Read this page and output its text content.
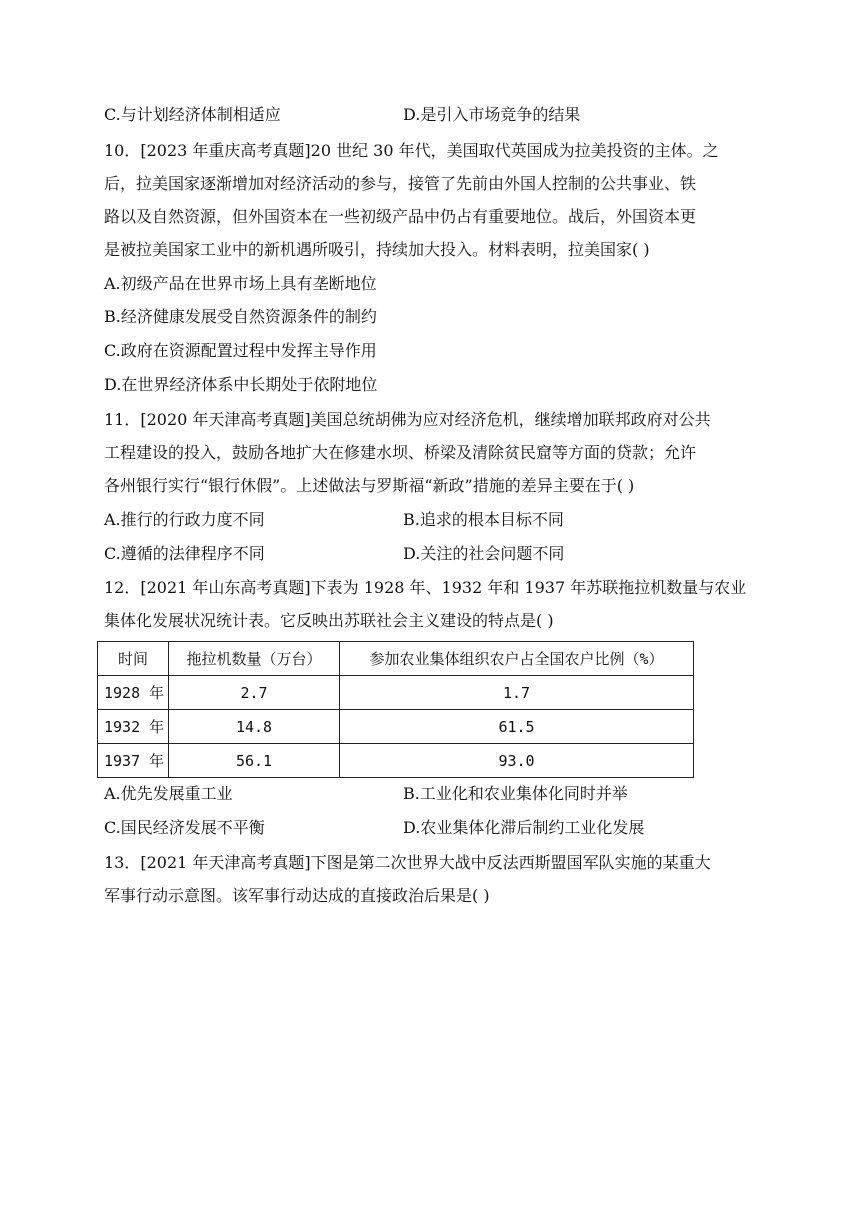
C.与计划经济体制相适应	D.是引入市场竞争的结果
10．[2023 年重庆高考真题]20 世纪 30 年代，美国取代英国成为拉美投资的主体。之
后，拉美国家逐渐增加对经济活动的参与，接管了先前由外国人控制的公共事业、铁
路以及自然资源，但外国资本在一些初级产品中仍占有重要地位。战后，外国资本更
是被拉美国家工业中的新机遇所吸引，持续加大投入。材料表明，拉美国家( )
A.初级产品在世界市场上具有垄断地位
B.经济健康发展受自然资源条件的制约
C.政府在资源配置过程中发挥主导作用
D.在世界经济体系中长期处于依附地位
11．[2020 年天津高考真题]美国总统胡佛为应对经济危机，继续增加联邦政府对公共
工程建设的投入，鼓励各地扩大在修建水坝、桥梁及清除贫民窟等方面的贷款；允许
各州银行实行“银行休假”。上述做法与罗斯福“新政”措施的差异主要在于( )
A.推行的行政力度不同	B.追求的根本目标不同
C.遵循的法律程序不同	D.关注的社会问题不同
12．[2021 年山东高考真题]下表为 1928 年、1932 年和 1937 年苏联拖拉机数量与农业
集体化发展状况统计表。它反映出苏联社会主义建设的特点是( )
时间	拖拉机数量（万台）	参加农业集体组织农户占全国农户比例（%）
1928 年	2.7	1.7
1932 年	14.8	61.5
1937 年	56.1	93.0
A.优先发展重工业	B.工业化和农业集体化同时并举
C.国民经济发展不平衡	D.农业集体化滞后制约工业化发展
13．[2021 年天津高考真题]下图是第二次世界大战中反法西斯盟国军队实施的某重大
军事行动示意图。该军事行动达成的直接政治后果是( )
